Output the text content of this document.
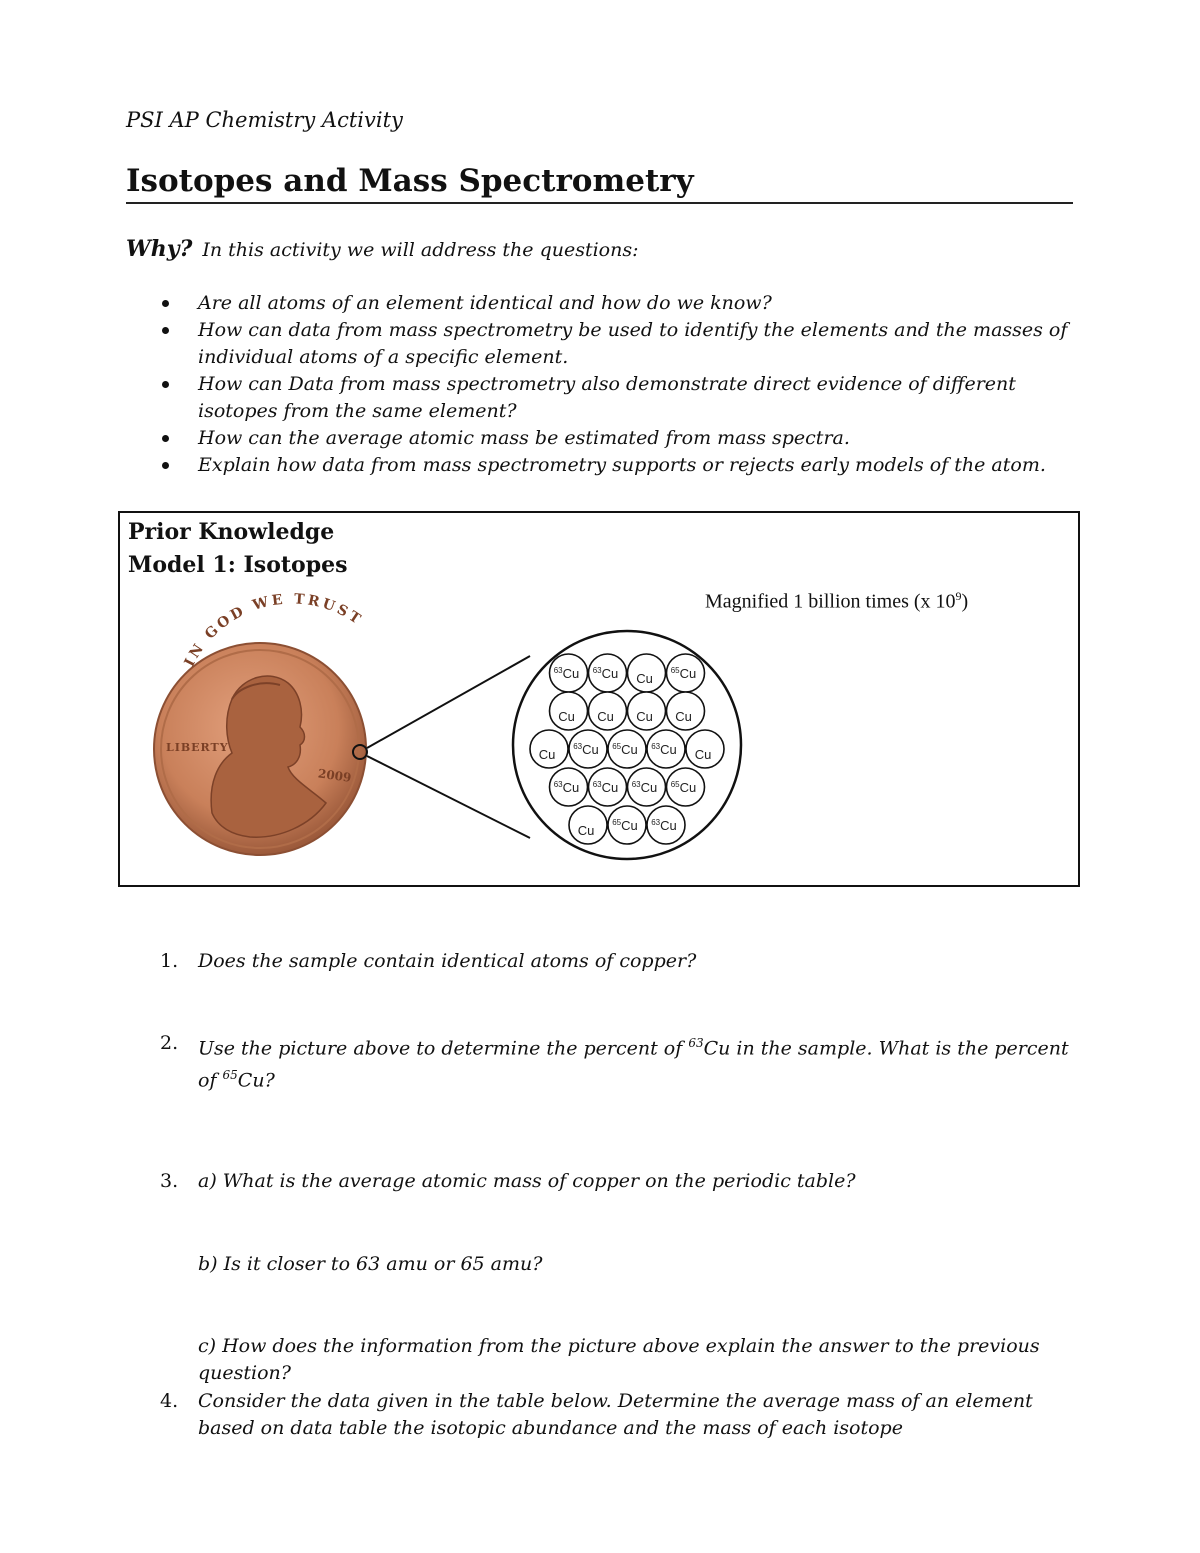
PSI AP Chemistry Activity
Isotopes and Mass Spectrometry
Why? In this activity we will address the questions:
Are all atoms of an element identical and how do we know?
How can data from mass spectrometry be used to identify the elements and the masses of individual atoms of a specific element.
How can Data from mass spectrometry also demonstrate direct evidence of different isotopes from the same element?
How can the average atomic mass be estimated from mass spectra.
Explain how data from mass spectrometry supports or rejects early models of the atom.
Prior Knowledge
Model 1: Isotopes
Magnified 1 billion times (x $10^9$)
IN GOD WE TRUST
LIBERTY
2009
$^{63}$Cu $^{63}$Cu Cu
$^{65}$Cu
Cu Cu Cu Cu
Cu
$^{63}$Cu $^{65}$Cu $^{63}$Cu Cu
$^{63}$Cu $^{63}$Cu $^{63}$Cu $^{65}$Cu
Cu
$^{65}$Cu $^{63}$Cu
1. Does the sample contain identical atoms of copper?
2. Use the picture above to determine the percent of $^{63}$Cu in the sample. What is the percent
of $^{65}$Cu?
3. a) What is the average atomic mass of copper on the periodic table?
b) Is it closer to 63 amu or 65 amu?
c) How does the information from the picture above explain the answer to the previous question?
4. Consider the data given in the table below. Determine the average mass of an element based on data table the isotopic abundance and the mass of each isotope
